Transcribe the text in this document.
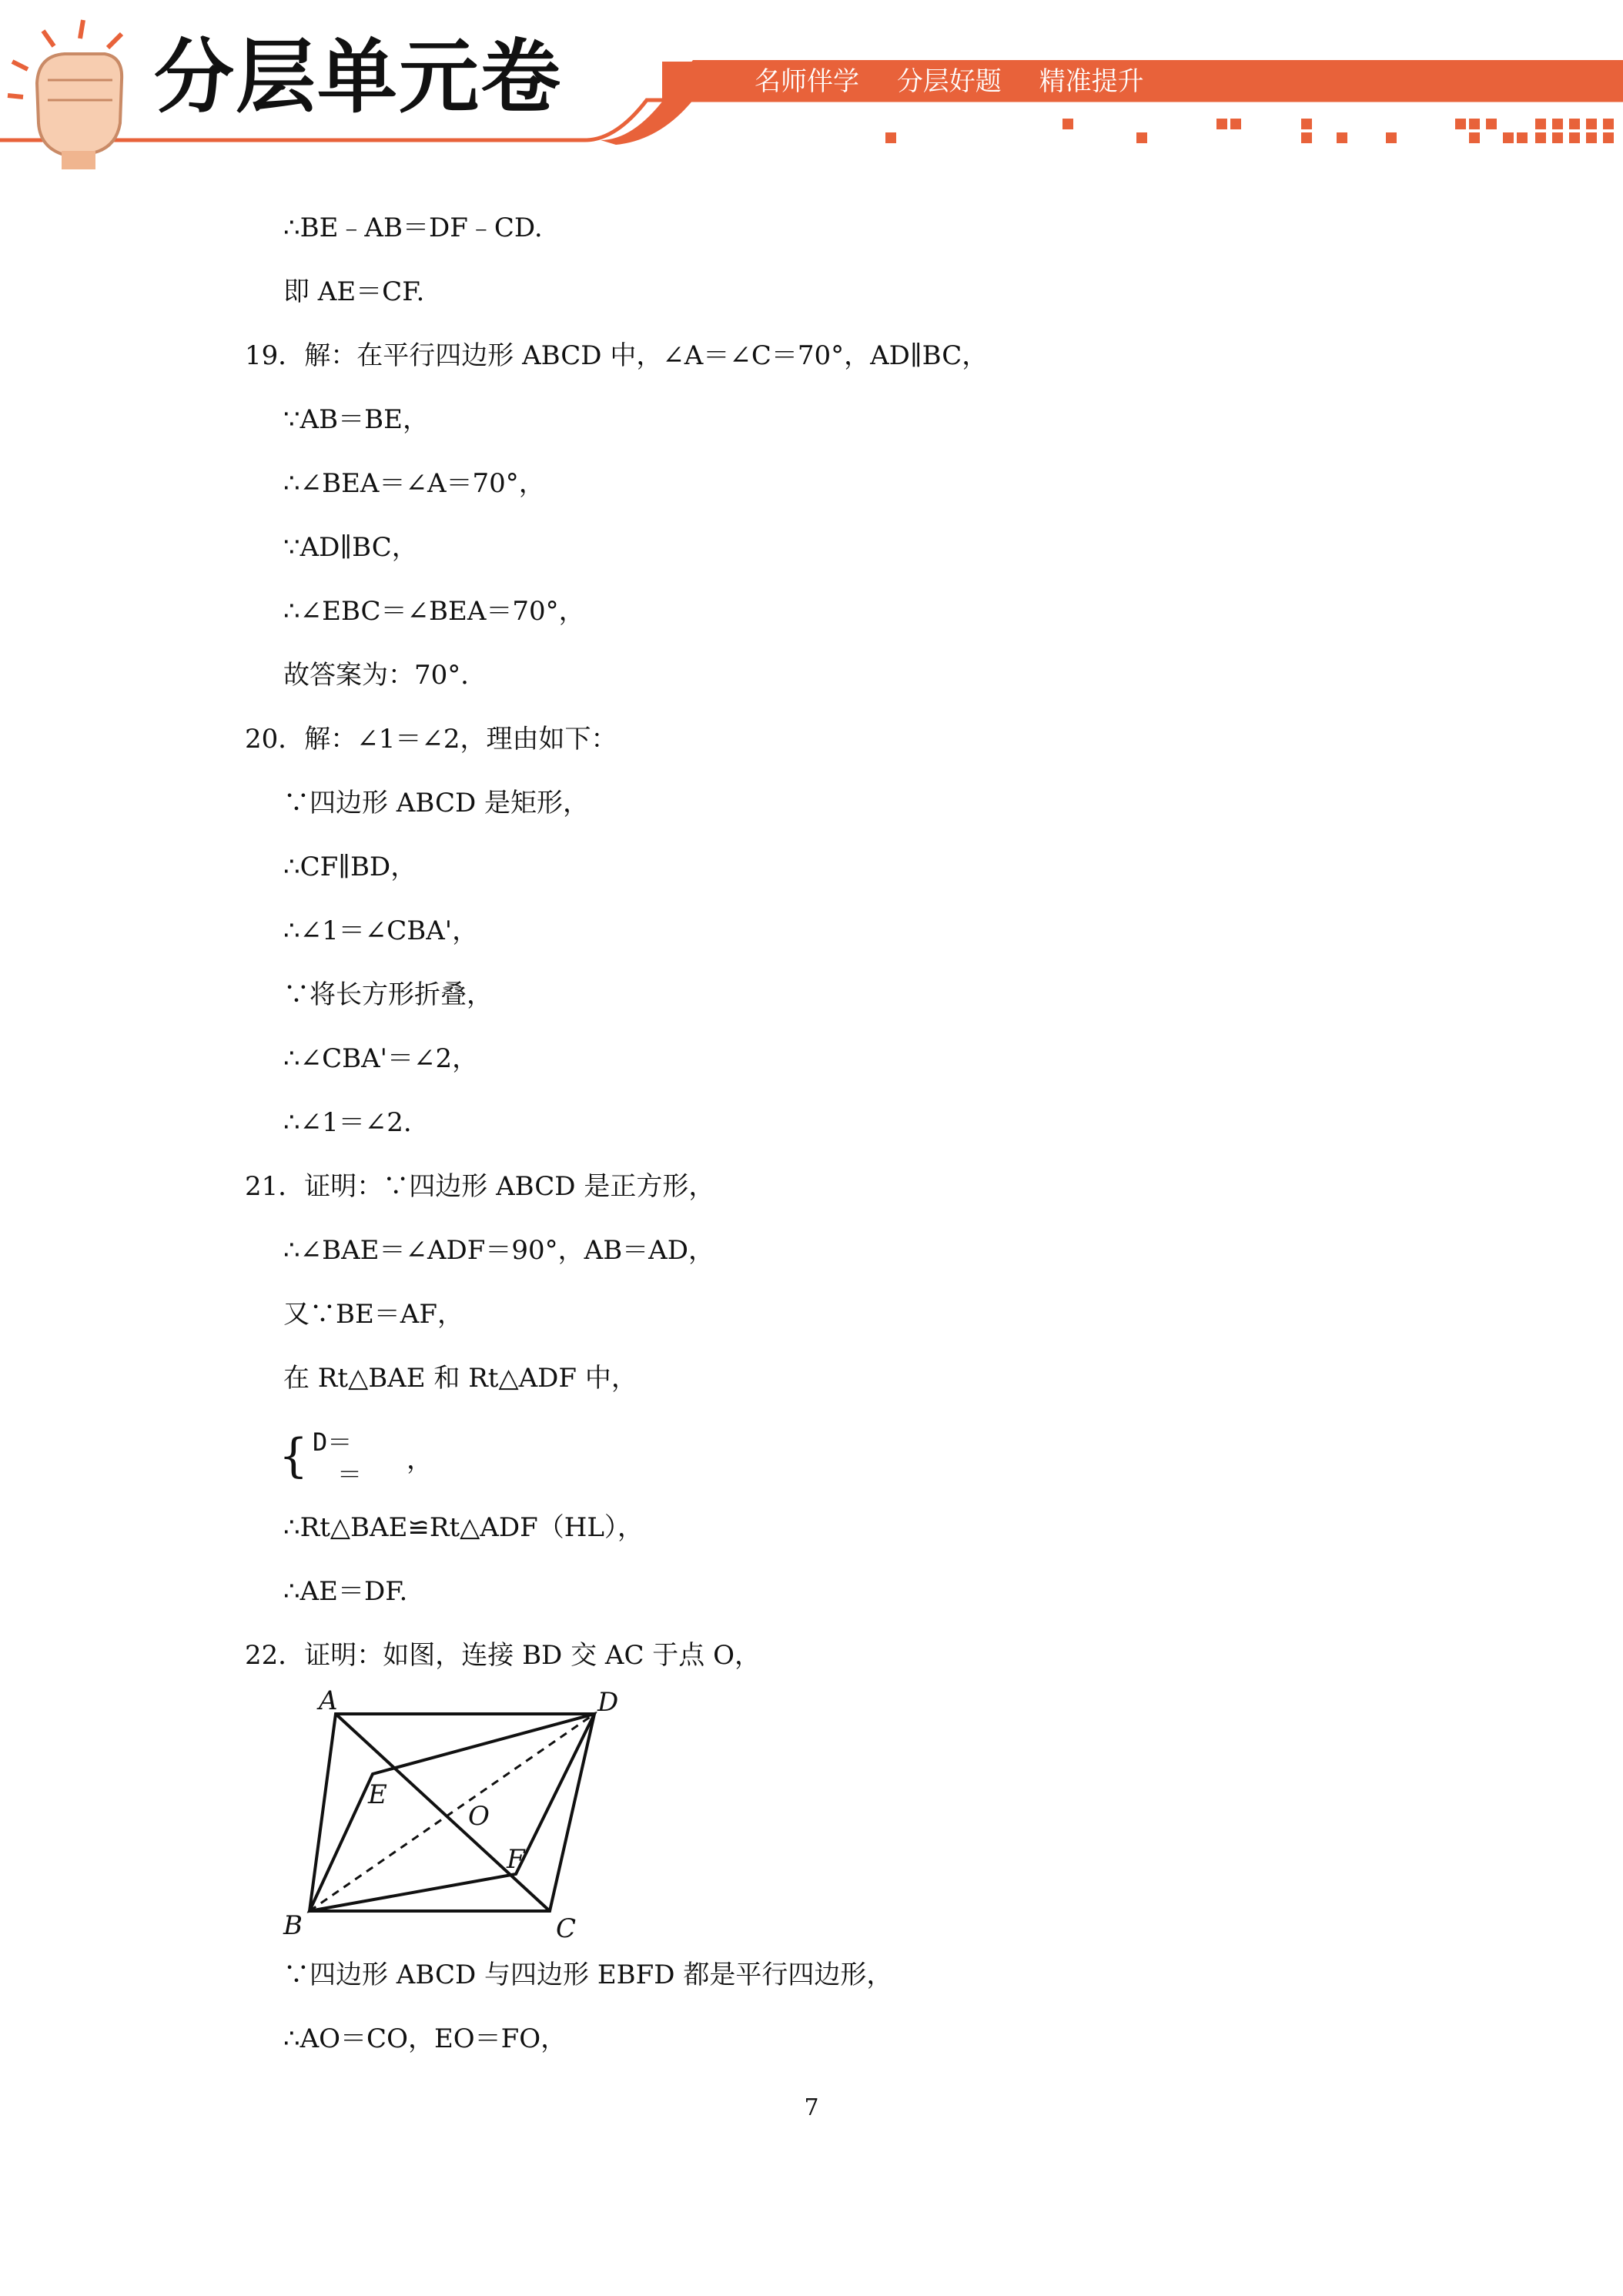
分层单元卷	名师伴学 分层好题 精准提升
∴BE﹣AB＝DF﹣CD.
即 AE＝CF.
19．解：在平行四边形 ABCD 中，∠A＝∠C＝70°，AD∥BC，
∵AB＝BE，
∴∠BEA＝∠A＝70°，
∵AD∥BC，
∴∠EBC＝∠BEA＝70°，
故答案为：70°．
20．解：∠1＝∠2，理由如下：
∵四边形 ABCD 是矩形，
∴CF∥BD，
∴∠1＝∠CBA'，
∵将长方形折叠，
∴∠CBA'＝∠2，
∴∠1＝∠2.
21．证明：∵四边形 ABCD 是正方形，
∴∠BAE＝∠ADF＝90°，AB＝AD，
又∵BE＝AF，
在 Rt△BAE 和 Rt△ADF 中，
{ D＝
＝ ，
∴Rt△BAE≌Rt△ADF（HL），
∴AE＝DF.
22．证明：如图，连接 BD 交 AC 于点 O，
A	D
E
O
F
B	C
∵四边形 ABCD 与四边形 EBFD 都是平行四边形，
∴AO＝CO，EO＝FO，
7
